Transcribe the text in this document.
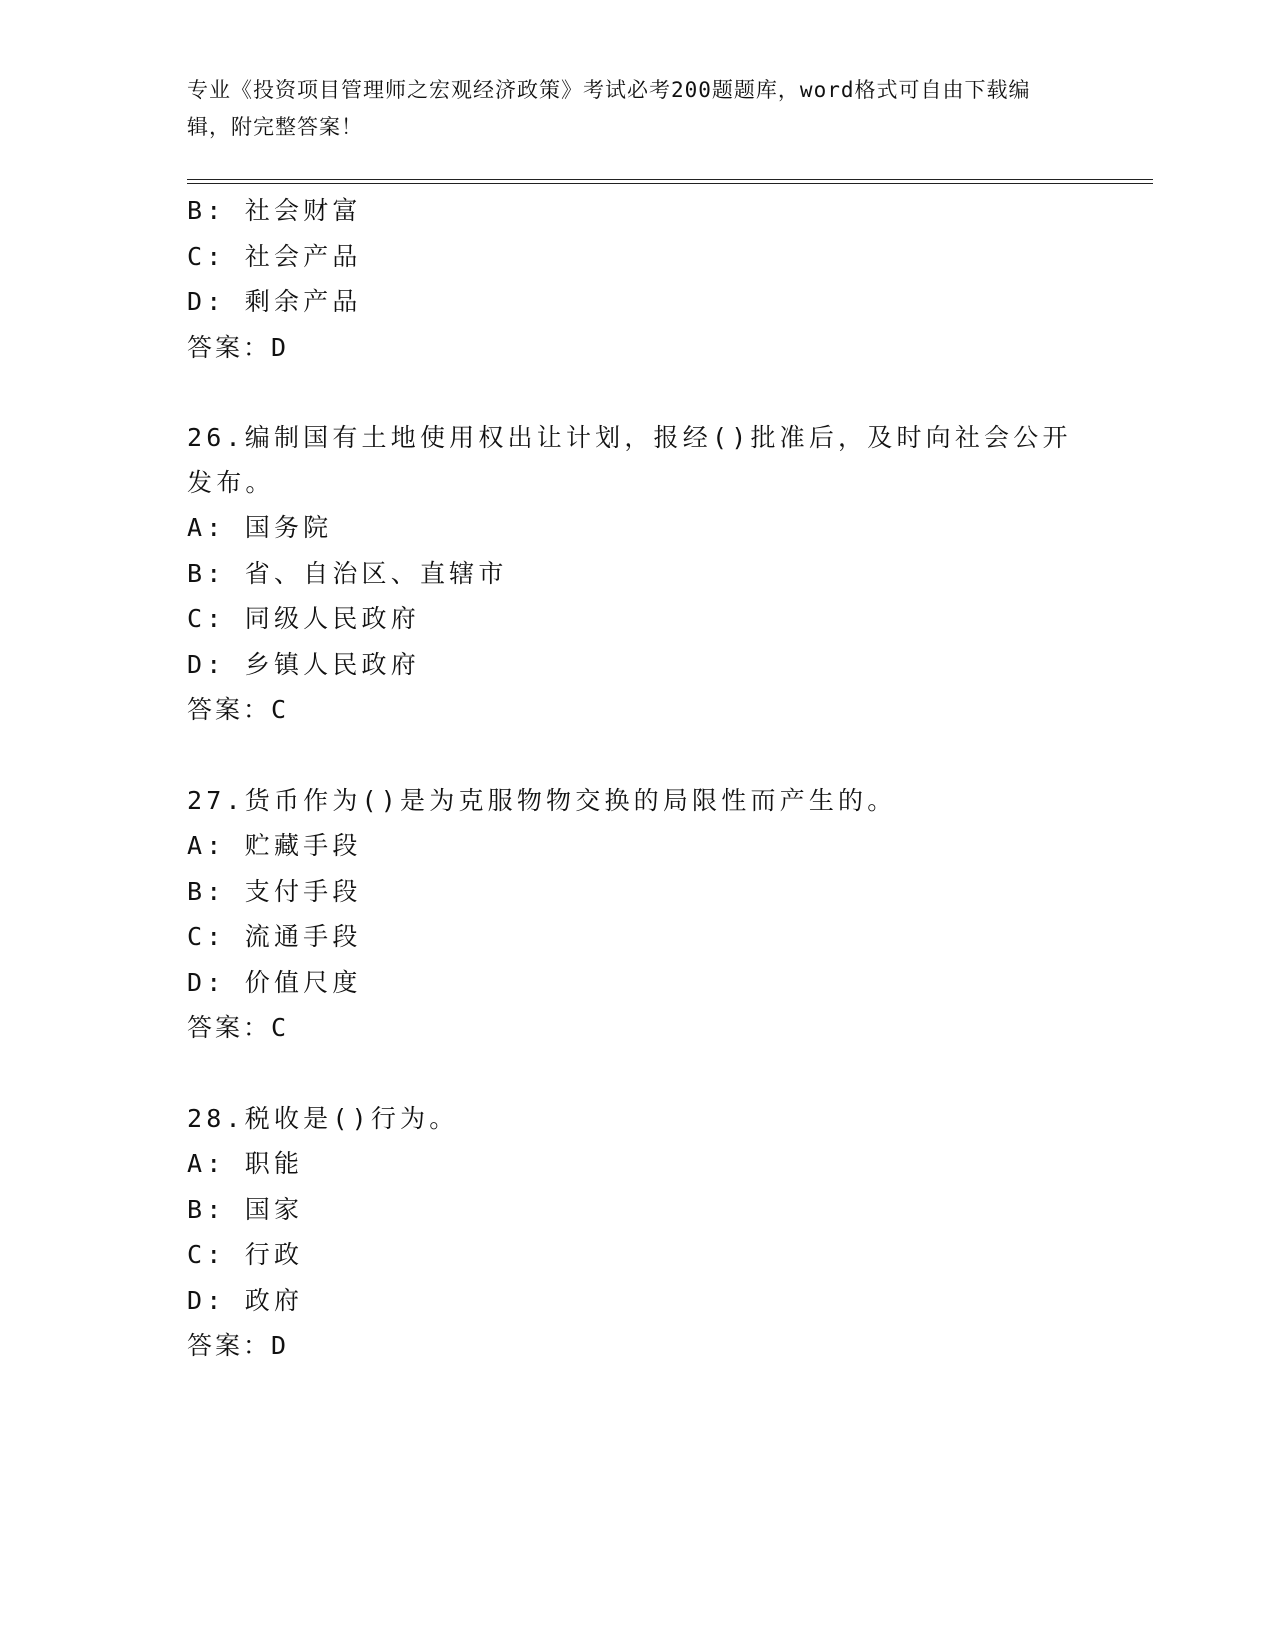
专业《投资项目管理师之宏观经济政策》考试必考200题题库，word格式可自由下载编辑，附完整答案！
B: 社会财富
C: 社会产品
D: 剩余产品
答案：D
26.编制国有土地使用权出让计划，报经()批准后，及时向社会公开发布。
A: 国务院
B: 省、自治区、直辖市
C: 同级人民政府
D: 乡镇人民政府
答案：C
27.货币作为()是为克服物物交换的局限性而产生的。
A: 贮藏手段
B: 支付手段
C: 流通手段
D: 价值尺度
答案：C
28.税收是()行为。
A: 职能
B: 国家
C: 行政
D: 政府
答案：D
